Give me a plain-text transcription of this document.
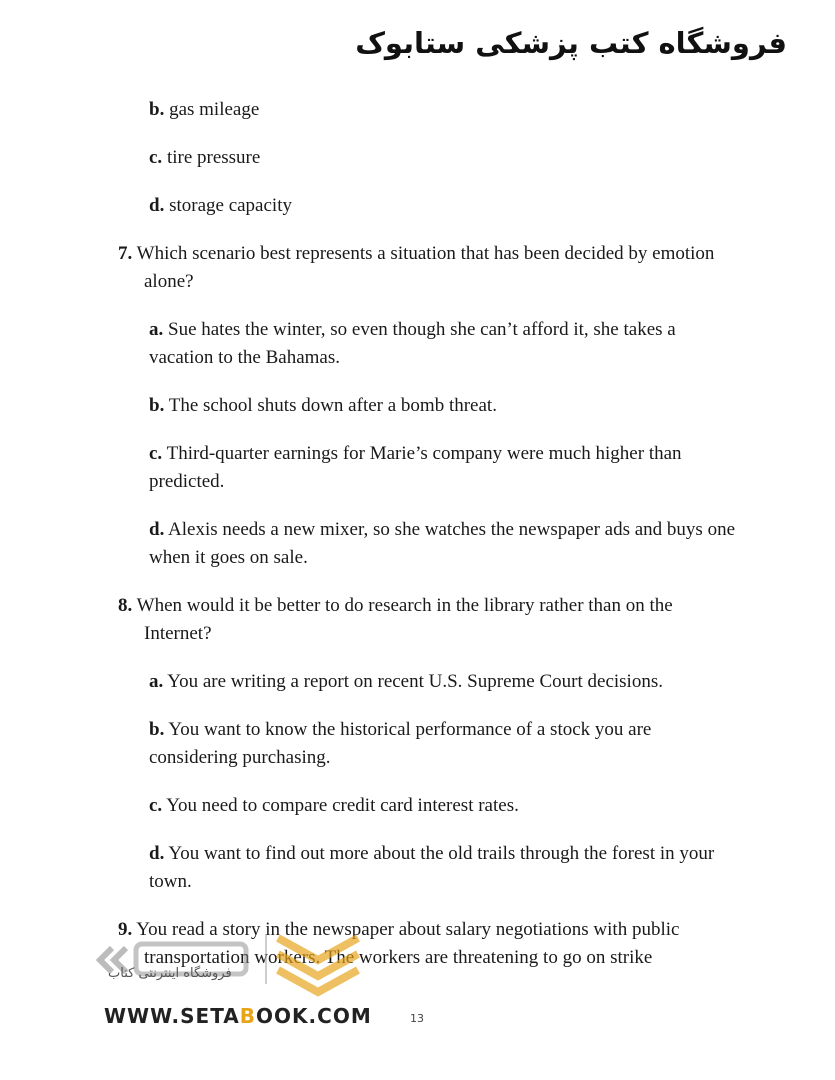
فروشگاه کتب پزشکی ستابوک

b. gas mileage

c. tire pressure

d. storage capacity

7. Which scenario best represents a situation that has been decided by emotion alone?

a. Sue hates the winter, so even though she can’t afford it, she takes a vacation to the Bahamas.

b. The school shuts down after a bomb threat.

c. Third-quarter earnings for Marie’s company were much higher than predicted.

d. Alexis needs a new mixer, so she watches the newspaper ads and buys one when it goes on sale.

8. When would it be better to do research in the library rather than on the Internet?

a. You are writing a report on recent U.S. Supreme Court decisions.

b. You want to know the historical performance of a stock you are considering purchasing.

c. You need to compare credit card interest rates.

d. You want to find out more about the old trails through the forest in your town.

9. You read a story in the newspaper about salary negotiations with public transportation workers. The workers are threatening to go on strike

فروشگاه اینترنتی کتاب
WWW.SETABOOK.COM	13
